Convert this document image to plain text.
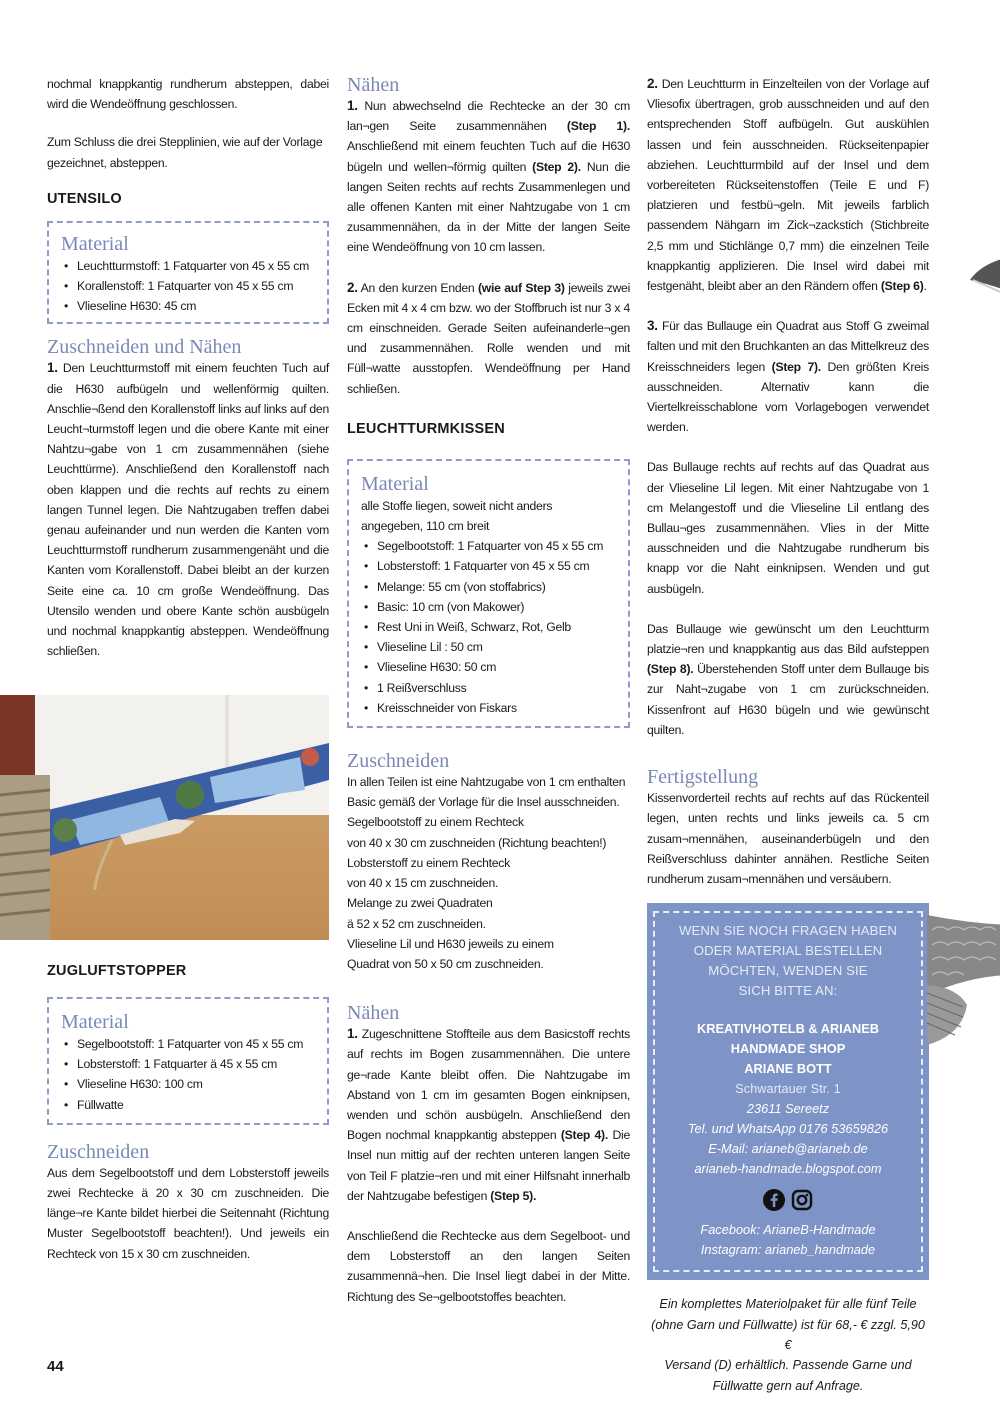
nochmal knappkantig rundherum absteppen, dabei wird die Wendeöffnung geschlossen.

Zum Schluss die drei Stepplinien, wie auf der Vorlage gezeichnet, absteppen.

UTENSILO
Material
• Leuchtturmstoff: 1 Fatquarter von 45 x 55 cm
• Korallenstoff: 1 Fatquarter von 45 x 55 cm
• Vlieseline H630: 45 cm
Zuschneiden und Nähen

1. Den Leuchtturmstoff mit einem feuchten Tuch auf die H630 aufbügeln und wellenförmig quilten. Anschlie¬ßend den Korallenstoff links auf links auf den Leucht¬turmstoff legen und die obere Kante mit einer Nahtzu¬gabe von 1 cm zusammennähen (siehe Leuchttürme). Anschließend den Korallenstoff nach oben klappen und die rechts auf rechts zu einem langen Tunnel legen. Die Nahtzugaben treffen dabei genau aufeinander und nun werden die Kanten vom Leuchtturmstoff rundherum zusammengenäht und die Kanten vom Korallenstoff. Dabei bleibt an der kurzen Seite eine ca. 10 cm große Wendeöffnung. Das Utensilo wenden und obere Kante schön ausbügeln und nochmal knappkantig absteppen. Wendeöffnung schließen.

ZUGLUFTSTOPPER
Material
• Segelbootstoff: 1 Fatquarter von 45 x 55 cm
• Lobsterstoff: 1 Fatquarter ä 45 x 55 cm
• Vlieseline H630: 100 cm
• Füllwatte
Zuschneiden

Aus dem Segelbootstoff und dem Lobsterstoff jeweils zwei Rechtecke ä 20 x 30 cm zuschneiden. Die länge¬re Kante bildet hierbei die Seitennaht (Richtung Muster Segelbootstoff beachten!). Und jeweils ein Rechteck von 15 x 30 cm zuschneiden.

Nähen

1. Nun abwechselnd die Rechtecke an der 30 cm lan¬gen Seite zusammennähen (Step 1). Anschließend mit einem feuchten Tuch auf die H630 bügeln und wellen¬förmig quilten (Step 2). Nun die langen Seiten rechts auf rechts Zusammenlegen und alle offenen Kanten mit einer Nahtzugabe von 1 cm zusammennähen, da in der Mitte der langen Seite eine Wendeöffnung von 10 cm lassen.

2. An den kurzen Enden (wie auf Step 3) jeweils zwei Ecken mit 4 x 4 cm bzw. wo der Stoffbruch ist nur 3 x 4 cm einschneiden. Gerade Seiten aufeinanderle¬gen und zusammennähen. Rolle wenden und mit Füll¬watte ausstopfen. Wendeöffnung per Hand schließen.

LEUCHTTURMKISSEN
Material

alle Stoffe liegen, soweit nicht anders angegeben, 110 cm breit

• Segelbootstoff: 1 Fatquarter von 45 x 55 cm
• Lobsterstoff: 1 Fatquarter von 45 x 55 cm
• Melange: 55 cm (von stoffabrics)
• Basic: 10 cm (von Makower)
• Rest Uni in Weiß, Schwarz, Rot, Gelb
• Vlieseline Lil : 50 cm
• Vlieseline H630: 50 cm
• 1 Reißverschluss
• Kreisschneider von Fiskars
Zuschneiden

In allen Teilen ist eine Nahtzugabe von 1 cm enthalten

Basic gemäß der Vorlage für die Insel ausschneiden.

Segelbootstoff zu einem Rechteck

von 40 x 30 cm zuschneiden (Richtung beachten!)

Lobsterstoff zu einem Rechteck

von 40 x 15 cm zuschneiden.

Melange zu zwei Quadraten

ä 52 x 52 cm zuschneiden.

Vlieseline Lil und H630 jeweils zu einem

Quadrat von 50 x 50 cm zuschneiden.

Nähen

1. Zugeschnittene Stoffteile aus dem Basicstoff rechts auf rechts im Bogen zusammennähen. Die untere ge¬rade Kante bleibt offen. Die Nahtzugabe im Abstand von 1 cm im gesamten Bogen einknipsen, wenden und schön ausbügeln. Anschließend den Bogen nochmal knappkantig absteppen (Step 4). Die Insel nun mittig auf der rechten unteren langen Seite von Teil F platzie¬ren und mit einer Hilfsnaht innerhalb der Nahtzugabe befestigen (Step 5).

Anschließend die Rechtecke aus dem Segelboot- und dem Lobsterstoff an den langen Seiten zusammennä¬hen. Die Insel liegt dabei in der Mitte. Richtung des Se¬gelbootstoffes beachten.

2. Den Leuchtturm in Einzelteilen von der Vorlage auf Vliesofix übertragen, grob ausschneiden und auf den entsprechenden Stoff aufbügeln. Gut auskühlen lassen und fein ausschneiden. Rückseitenpapier abziehen. Leuchtturmbild auf der Insel und dem vorbereiteten Rückseitenstoffen (Teile E und F) platzieren und festbü¬geln. Mit jeweils farblich passendem Nähgarn im Zick¬zackstich (Stichbreite 2,5 mm und Stichlänge 0,7 mm) die einzelnen Teile knappkantig applizieren. Die Insel wird dabei mit festgenäht, bleibt aber an den Rändern offen (Step 6).

3. Für das Bullauge ein Quadrat aus Stoff G zweimal falten und mit den Bruchkanten an das Mittelkreuz des Kreisschneiders legen (Step 7). Den größten Kreis ausschneiden. Alternativ kann die Viertelkreisschablone vom Vorlagebogen verwendet werden.

Das Bullauge rechts auf rechts auf das Quadrat aus der Vlieseline Lil legen. Mit einer Nahtzugabe von 1 cm Melangestoff und die Vlieseline Lil entlang des Bullau¬ges zusammennähen. Vlies in der Mitte ausschneiden und die Nahtzugabe rundherum bis knapp vor die Naht einknipsen. Wenden und gut ausbügeln.

Das Bullauge wie gewünscht um den Leuchtturm platzie¬ren und knappkantig aus das Bild aufsteppen (Step 8). Überstehenden Stoff unter dem Bullauge bis zur Naht¬zugabe von 1 cm zurückschneiden. Kissenfront auf H630 bügeln und wie gewünscht quilten.

Fertigstellung

Kissenvorderteil rechts auf rechts auf das Rückenteil legen, unten rechts und links jeweils ca. 5 cm zusam¬mennähen, auseinanderbügeln und den Reißverschluss dahinter annähen. Restliche Seiten rundherum zusam¬mennähen und versäubern.

WENN SIE NOCH FRAGEN HABEN
ODER MATERIAL BESTELLEN
MÖCHTEN, WENDEN SIE
SICH BITTE AN:
KREATIVHOTELB & ARIANEB
HANDMADE SHOP
ARIANE BOTT
Schwartauer Str. 1
23611 Sereetz
Tel. und WhatsApp 0176 53659826
E-Mail: arianeb@arianeb.de
arianeb-handmade.blogspot.com
Facebook: ArianeB-Handmade
Instagram: arianeb_handmade
Ein komplettes Materiolpaket für alle fünf Teile
(ohne Garn und Füllwatte) ist für 68,- € zzgl. 5,90 €
Versand (D) erhältlich. Passende Garne und
Füllwatte gern auf Anfrage.
44
